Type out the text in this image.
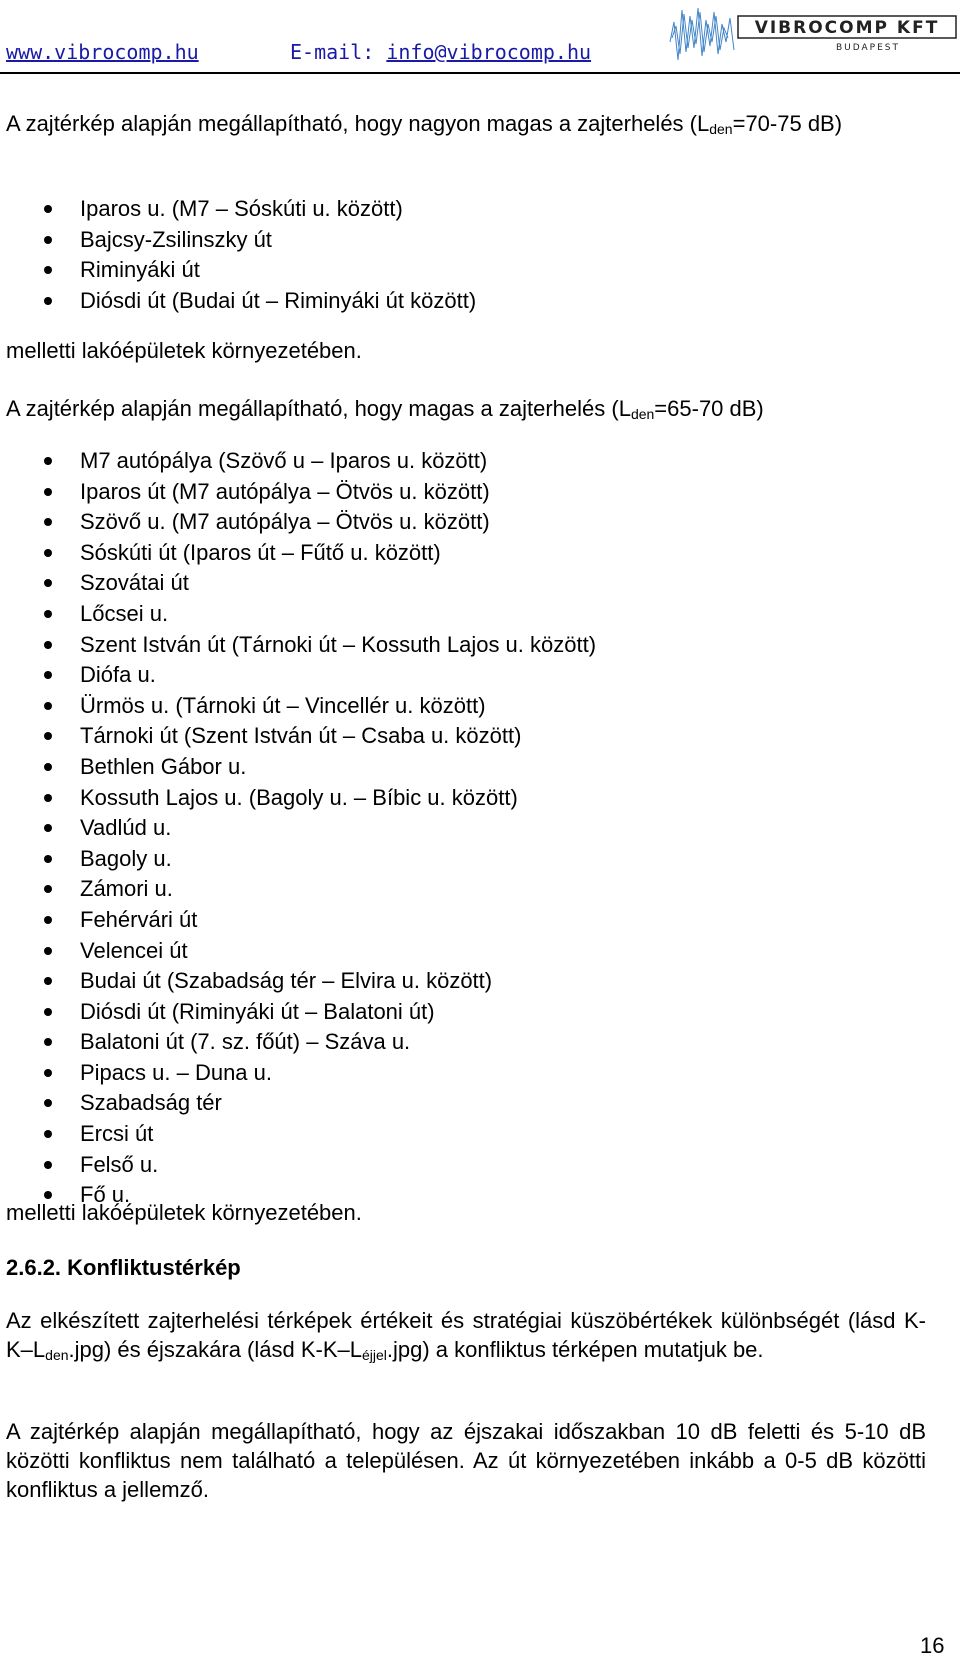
www.vibrocomp.hu	E-mail: info@vibrocomp.hu
VIBROCOMP KFT
BUDAPEST

A zajtérkép alapján megállapítható, hogy nagyon magas a zajterhelés ($L_{den}=70-75$ dB)

Iparos u. (M7 – Sóskúti u. között)
Bajcsy-Zsilinszky út
Riminyáki út
Diósdi út (Budai út – Riminyáki út között)

melletti lakóépületek környezetében.

A zajtérkép alapján megállapítható, hogy magas a zajterhelés ($L_{den}=65-70$ dB)

M7 autópálya (Szövő u – Iparos u. között)
Iparos út (M7 autópálya – Ötvös u. között)
Szövő u. (M7 autópálya – Ötvös u. között)
Sóskúti út (Iparos út – Fűtő u. között)
Szovátai út
Lőcsei u.
Szent István út (Tárnoki út – Kossuth Lajos u. között)
Diófa u.
Ürmös u. (Tárnoki út – Vincellér u. között)
Tárnoki út (Szent István út – Csaba u. között)
Bethlen Gábor u.
Kossuth Lajos u. (Bagoly u. – Bíbic u. között)
Vadlúd u.
Bagoly u.
Zámori u.
Fehérvári út
Velencei út
Budai út (Szabadság tér – Elvira u. között)
Diósdi út (Riminyáki út – Balatoni út)
Balatoni út (7. sz. főút) – Száva u.
Pipacs u. – Duna u.
Szabadság tér
Ercsi út
Felső u.
Fő u.

melletti lakóépületek környezetében.

2.6.2. Konfliktustérkép

Az elkészített zajterhelési térképek értékeit és stratégiai küszöbértékek különbségét (lásd $K-K-L_{den}.jpg$) és éjszakára (lásd $K-K-L_{éjjel}.jpg$) a konfliktus térképen mutatjuk be.

A zajtérkép alapján megállapítható, hogy az éjszakai időszakban 10 dB feletti és 5-10 dB közötti konfliktus nem található a településen. Az út környezetében inkább a 0-5 dB közötti konfliktus a jellemző.

16
